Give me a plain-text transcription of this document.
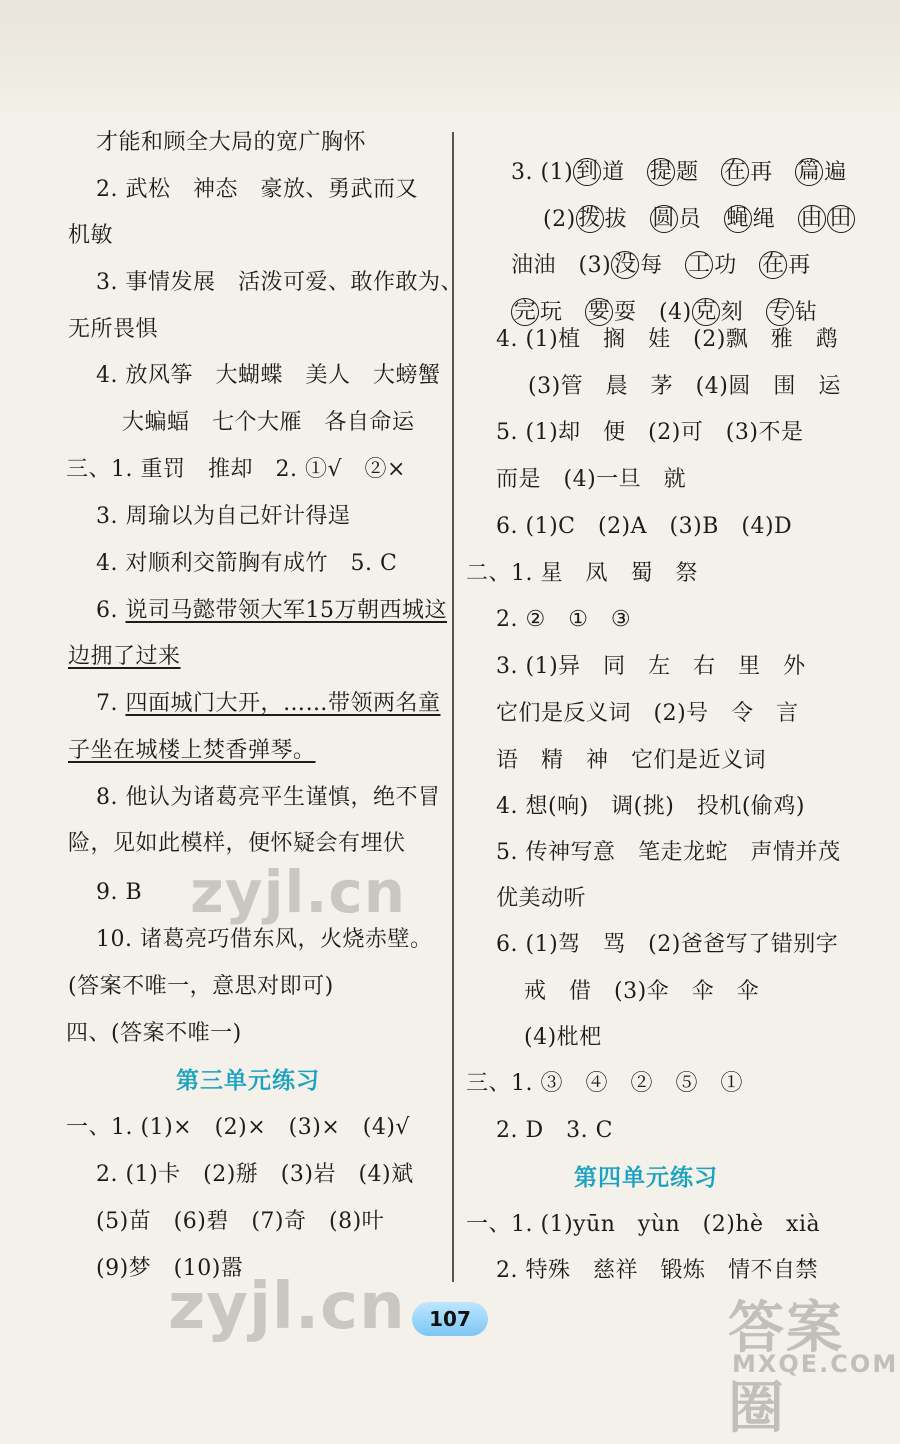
才能和顾全大局的宽广胸怀
2. 武松　神态　豪放、勇武而又
机敏
3. 事情发展　活泼可爱、敢作敢为、
无所畏惧
4. 放风筝　大蝴蝶　美人　大螃蟹
大蝙蝠　七个大雁　各自命运
三、1. 重罚　推却　2. ①√　②×
3. 周瑜以为自己奸计得逞
4. 对顺利交箭胸有成竹　5. C
6. 说司马懿带领大军15万朝西城这
边拥了过来
7. 四面城门大开，……带领两名童
子坐在城楼上焚香弹琴。
8. 他认为诸葛亮平生谨慎，绝不冒
险，见如此模样，便怀疑会有埋伏
9. B
10. 诸葛亮巧借东风，火烧赤壁。
(答案不唯一，意思对即可)
四、(答案不唯一)
第三单元练习
一、1. (1)×　(2)×　(3)×　(4)√
2. (1)卡　(2)掰　(3)岩　(4)斌
(5)苗　(6)碧　(7)奇　(8)叶
(9)梦　(10)嚣

3. (1) 到 道　提 题　在 再　篇 遍

(2) 拨 拔　圆 员　蝇 绳　由 田

油油　(3) 没 每　工 功　在 再

完 玩　要 耍　(4) 克 刻　专 钻

4. (1)植　搁　娃　(2)飘　雅　鹉
(3)管　晨　茅　(4)圆　围　运
5. (1)却　便　(2)可　(3)不是
而是　(4)一旦　就
6. (1)C　(2)A　(3)B　(4)D
二、1. 星　凤　蜀　祭
2. ②　①　③
3. (1)异　同　左　右　里　外
它们是反义词　(2)号　令　言
语　精　神　它们是近义词
4. 想(响)　调(挑)　投机(偷鸡)
5. 传神写意　笔走龙蛇　声情并茂
优美动听
6. (1)驾　骂　(2)爸爸写了错别字
戒　借　(3)伞　伞　伞
(4)枇杷
三、1. ③　④　②　⑤　①
2. D　3. C
第四单元练习
一、1. (1)yūn　yùn　(2)hè　xià
2. 特殊　慈祥　锻炼　情不自禁
zyjl.cn
zyjl.cn	107	答案圈
MXQE.COM
